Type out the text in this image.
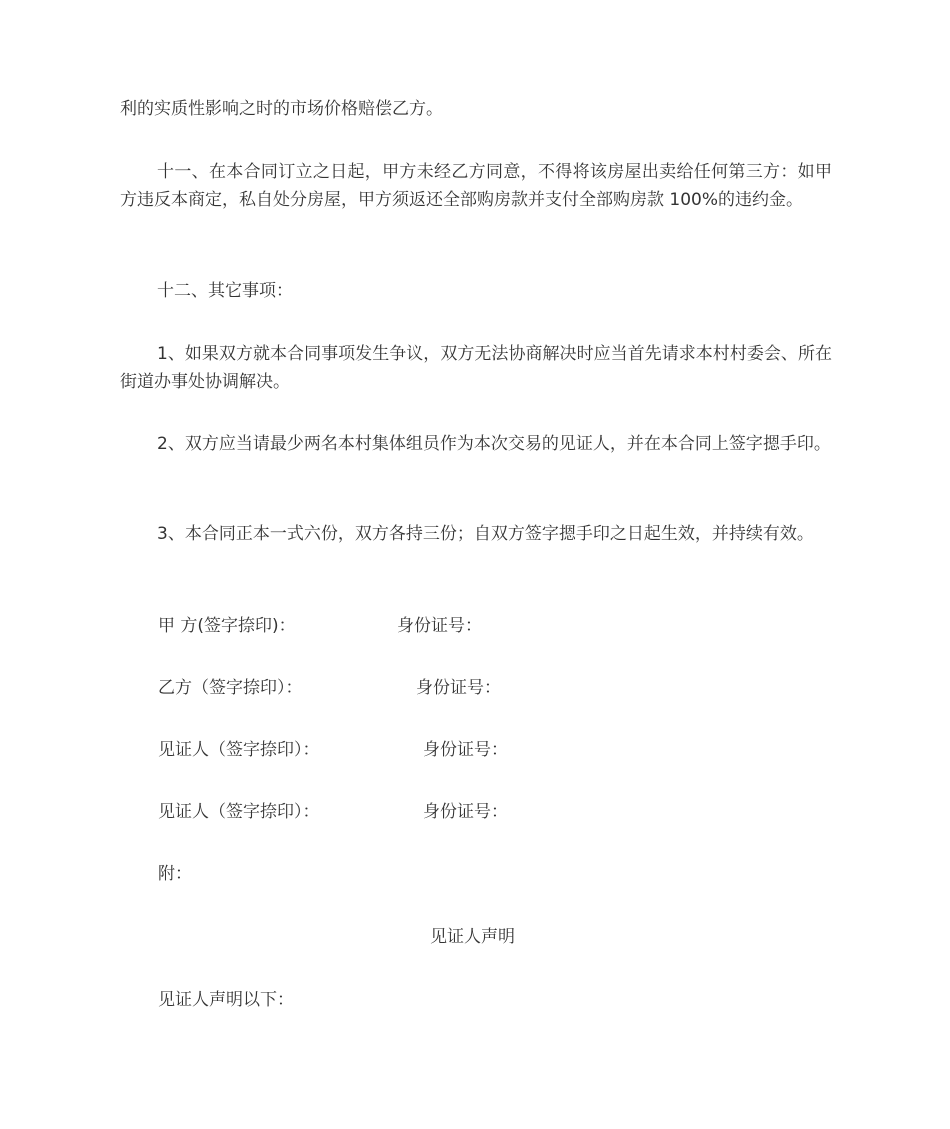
利的实质性影响之时的市场价格赔偿乙方。

十一、在本合同订立之日起，甲方未经乙方同意，不得将该房屋出卖给任何第三方：如甲方违反本商定，私自处分房屋，甲方须返还全部购房款并支付全部购房款 100%的违约金。

十二、其它事项：

1、如果双方就本合同事项发生争议，双方无法协商解决时应当首先请求本村村委会、所在街道办事处协调解决。

2、双方应当请最少两名本村集体组员作为本次交易的见证人，并在本合同上签字摁手印。

3、本合同正本一式六份，双方各持三份；自双方签字摁手印之日起生效，并持续有效。

甲 方(签字捺印)：	身份证号：
乙方（签字捺印）：	身份证号：
见证人（签字捺印）：	身份证号：
见证人（签字捺印）：	身份证号：
附：
见证人声明
见证人声明以下：
